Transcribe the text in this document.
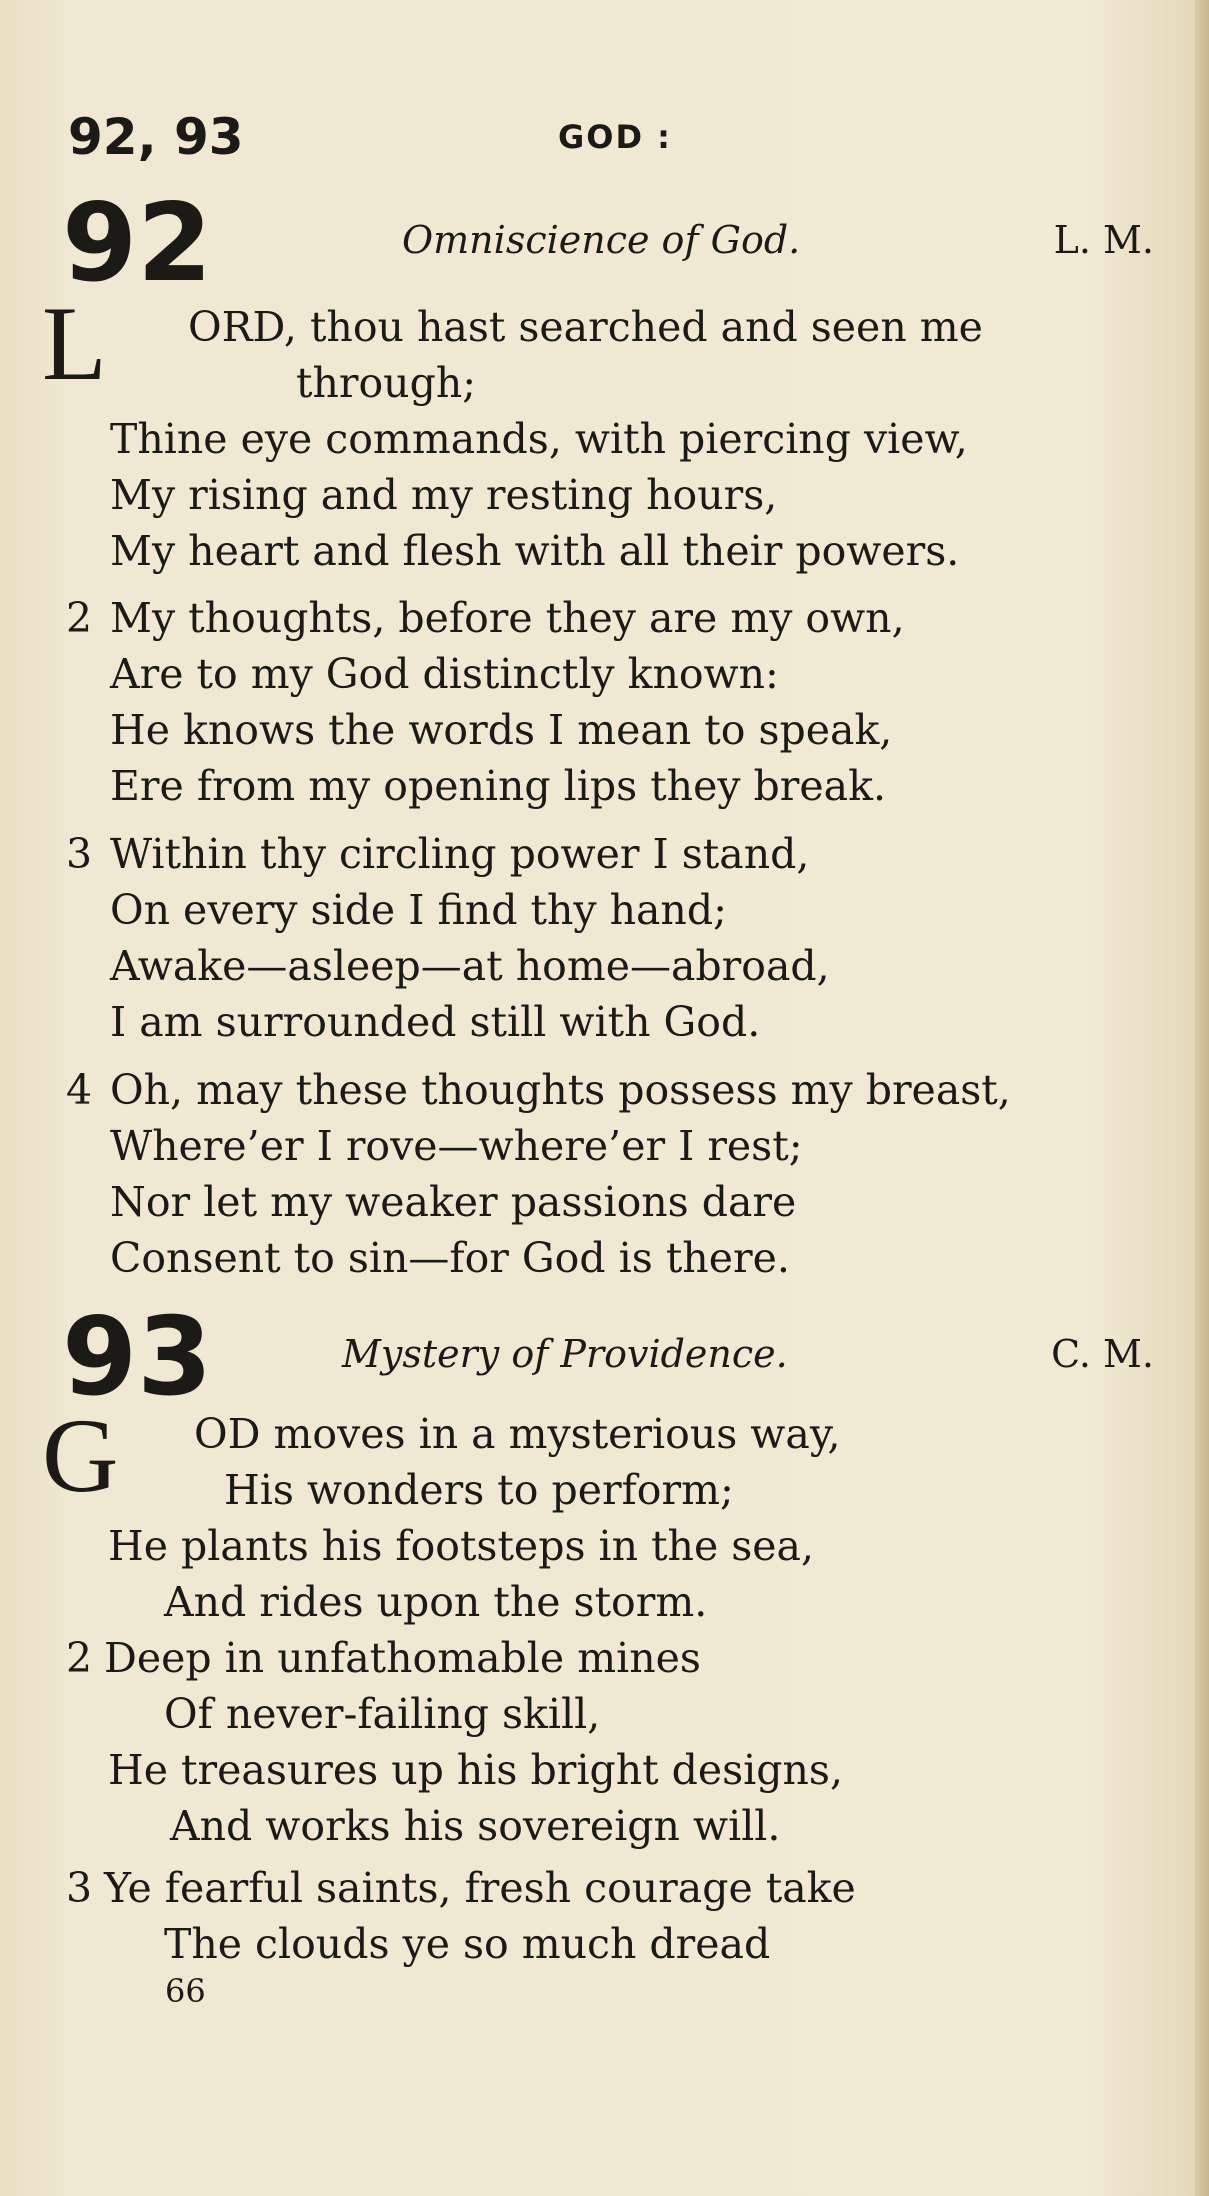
92, 93	GOD :
92	Omniscience of God.	L. M.
L ORD, thou hast searched and seen me
through;
Thine eye commands, with piercing view,
My rising and my resting hours,
My heart and flesh with all their powers.
2 My thoughts, before they are my own,
Are to my God distinctly known:
He knows the words I mean to speak,
Ere from my opening lips they break.
3 Within thy circling power I stand,
On every side I find thy hand;
Awake—asleep—at home—abroad,
I am surrounded still with God.
4 Oh, may these thoughts possess my breast,
Where’er I rove—where’er I rest;
Nor let my weaker passions dare
Consent to sin—for God is there.
93	Mystery of Providence.	C. M.
G OD moves in a mysterious way,
His wonders to perform;
He plants his footsteps in the sea,
And rides upon the storm.
2 Deep in unfathomable mines
Of never-failing skill,
He treasures up his bright designs,
And works his sovereign will.
3 Ye fearful saints, fresh courage take
The clouds ye so much dread
66
